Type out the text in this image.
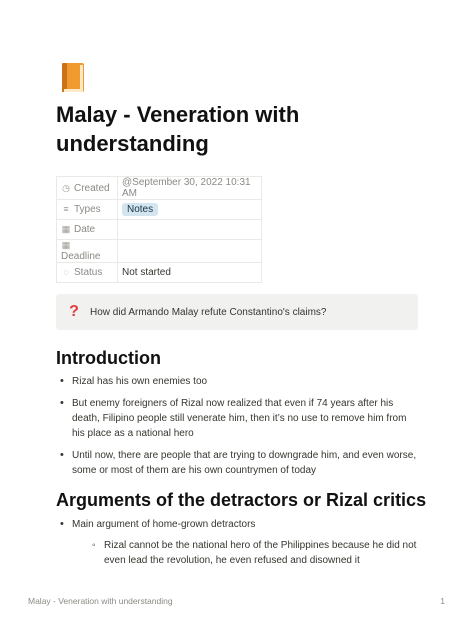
Malay - Veneration with understanding
◷ Created	@September 30, 2022 10:31 AM
≡ Types	Notes
▦ Date	
▦Deadline	
◌ Status	Not started
?	How did Armando Malay refute Constantino's claims?
Introduction
• Rizal has his own enemies too
• But enemy foreigners of Rizal now realized that even if 74 years after his death, Filipino people still venerate him, then it’s no use to remove him from his place as a national hero
• Until now, there are people that are trying to downgrade him, and even worse, some or most of them are his own countrymen of today
Arguments of the detractors or Rizal critics
• Main argument of home-grown detractors
◦ Rizal cannot be the national hero of the Philippines because he did not even lead the revolution, he even refused and disowned it
Malay - Veneration with understanding	1
